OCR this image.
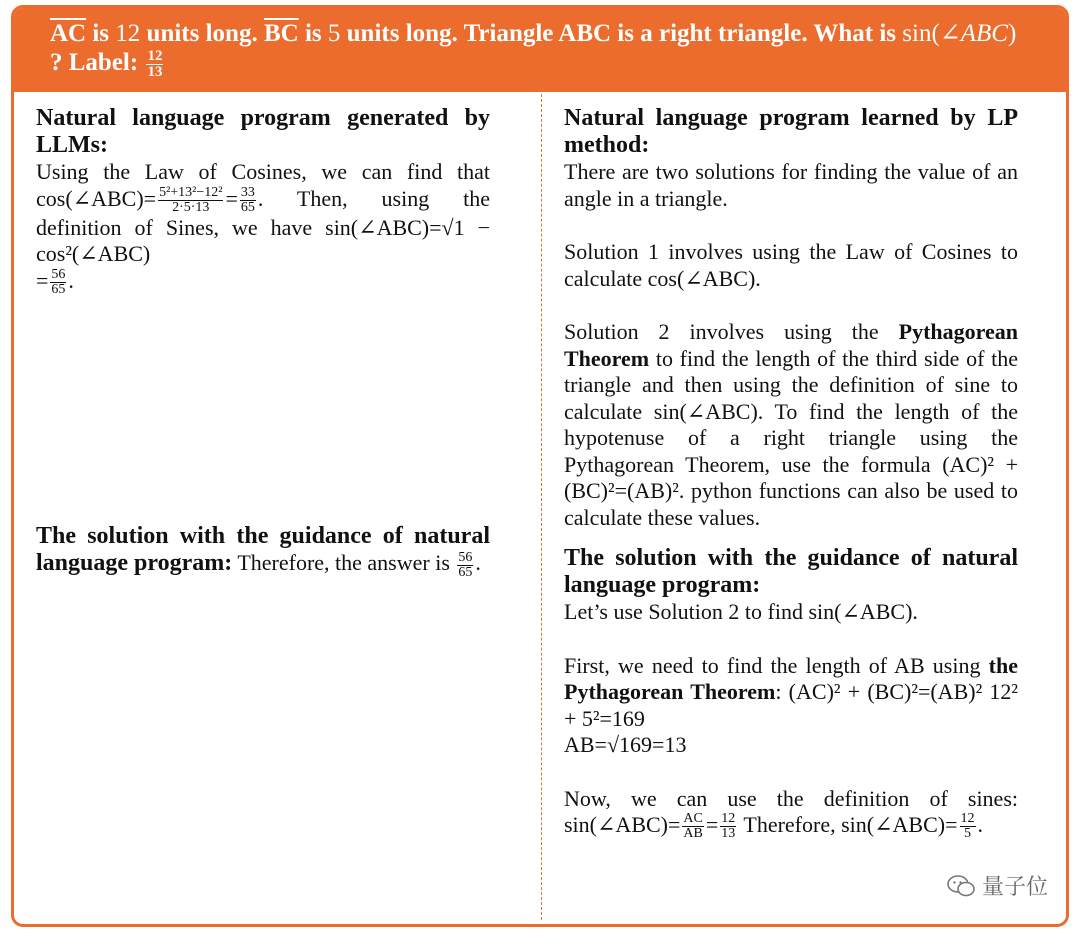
$\overline{AC}$ is 12 units long. $\overline{BC}$ is 5 units long. Triangle ABC is a right triangle. What is sin(∠ABC) ? Label: $\frac{12}{13}$

Natural language program generated by LLMs:

Using the Law of Cosines, we can find that cos(∠ABC)= $\frac{\text{5²+13²−12²}}{2\cdot 5\cdot 13} = \frac{33}{65}$ . Then, using the definition of Sines, we have sin(∠ABC)=√1 − cos²(∠ABC)
= $\frac{56}{65}$ .

The solution with the guidance of natural language program: Therefore, the answer is $\frac{56}{65}$ .

Natural language program learned by LP method:

There are two solutions for finding the value of an angle in a triangle.

Solution 1 involves using the Law of Cosines to calculate cos(∠ABC).

Solution 2 involves using the Pythagorean Theorem to find the length of the third side of the triangle and then using the definition of sine to calculate sin(∠ABC). To find the length of the hypotenuse of a right triangle using the Pythagorean Theorem, use the formula (AC)² + (BC)²=(AB)². python functions can also be used to calculate these values.

The solution with the guidance of natural language program:

Let’s use Solution 2 to find sin(∠ABC).

First, we need to find the length of AB using the Pythagorean Theorem: (AC)² + (BC)²=(AB)² 12² + 5²=169
AB=√169=13

Now, we can use the definition of sines: sin(∠ABC)= $\frac{AC}{AB} = \frac{12}{13}$ Therefore, sin(∠ABC)= $\frac{12}{5}$ .

量子位
